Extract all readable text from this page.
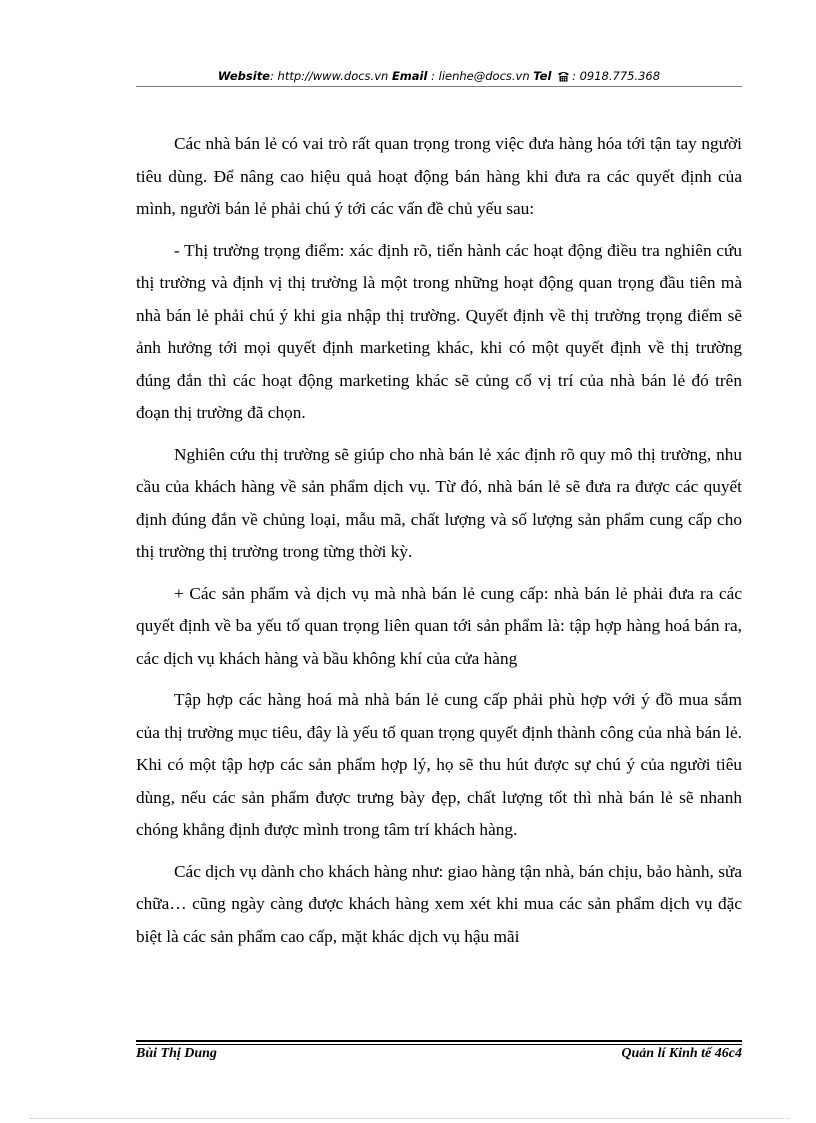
Website: http://www.docs.vn Email : lienhe@docs.vn Tel : 0918.775.368

Các nhà bán lẻ có vai trò rất quan trọng trong việc đưa hàng hóa tới tận tay người tiêu dùng. Để nâng cao hiệu quả hoạt động bán hàng khi đưa ra các quyết định của mình, người bán lẻ phải chú ý tới các vấn đề chủ yếu sau:

- Thị trường trọng điểm: xác định rõ, tiến hành các hoạt động điều tra nghiên cứu thị trường và định vị thị trường là một trong những hoạt động quan trọng đầu tiên mà nhà bán lẻ phải chú ý khi gia nhập thị trường. Quyết định về thị trường trọng điểm sẽ ảnh hưởng tới mọi quyết định marketing khác, khi có một quyết định về thị trường đúng đắn thì các hoạt động marketing khác sẽ củng cố vị trí của nhà bán lẻ đó trên đoạn thị trường đã chọn.

Nghiên cứu thị trường sẽ giúp cho nhà bán lẻ xác định rõ quy mô thị trường, nhu cầu của khách hàng về sản phẩm dịch vụ. Từ đó, nhà bán lẻ sẽ đưa ra được các quyết định đúng đắn về chủng loại, mẫu mã, chất lượng và số lượng sản phẩm cung cấp cho thị trường thị trường trong từng thời kỳ.

+ Các sản phẩm và dịch vụ mà nhà bán lẻ cung cấp: nhà bán lẻ phải đưa ra các quyết định về ba yếu tố quan trọng liên quan tới sản phẩm là: tập hợp hàng hoá bán ra, các dịch vụ khách hàng và bầu không khí của cửa hàng

Tập hợp các hàng hoá mà nhà bán lẻ cung cấp phải phù hợp với ý đồ mua sắm của thị trường mục tiêu, đây là yếu tố quan trọng quyết định thành công của nhà bán lẻ. Khi có một tập hợp các sản phẩm hợp lý, họ sẽ thu hút được sự chú ý của người tiêu dùng, nếu các sản phẩm được trưng bày đẹp, chất lượng tốt thì nhà bán lẻ sẽ nhanh chóng khẳng định được mình trong tâm trí khách hàng.

Các dịch vụ dành cho khách hàng như: giao hàng tận nhà, bán chịu, bảo hành, sửa chữa… cũng ngày càng được khách hàng xem xét khi mua các sản phẩm dịch vụ đặc biệt là các sản phẩm cao cấp, mặt khác dịch vụ hậu mãi

Bùi Thị Dung	Quản lí Kinh tế 46c4
